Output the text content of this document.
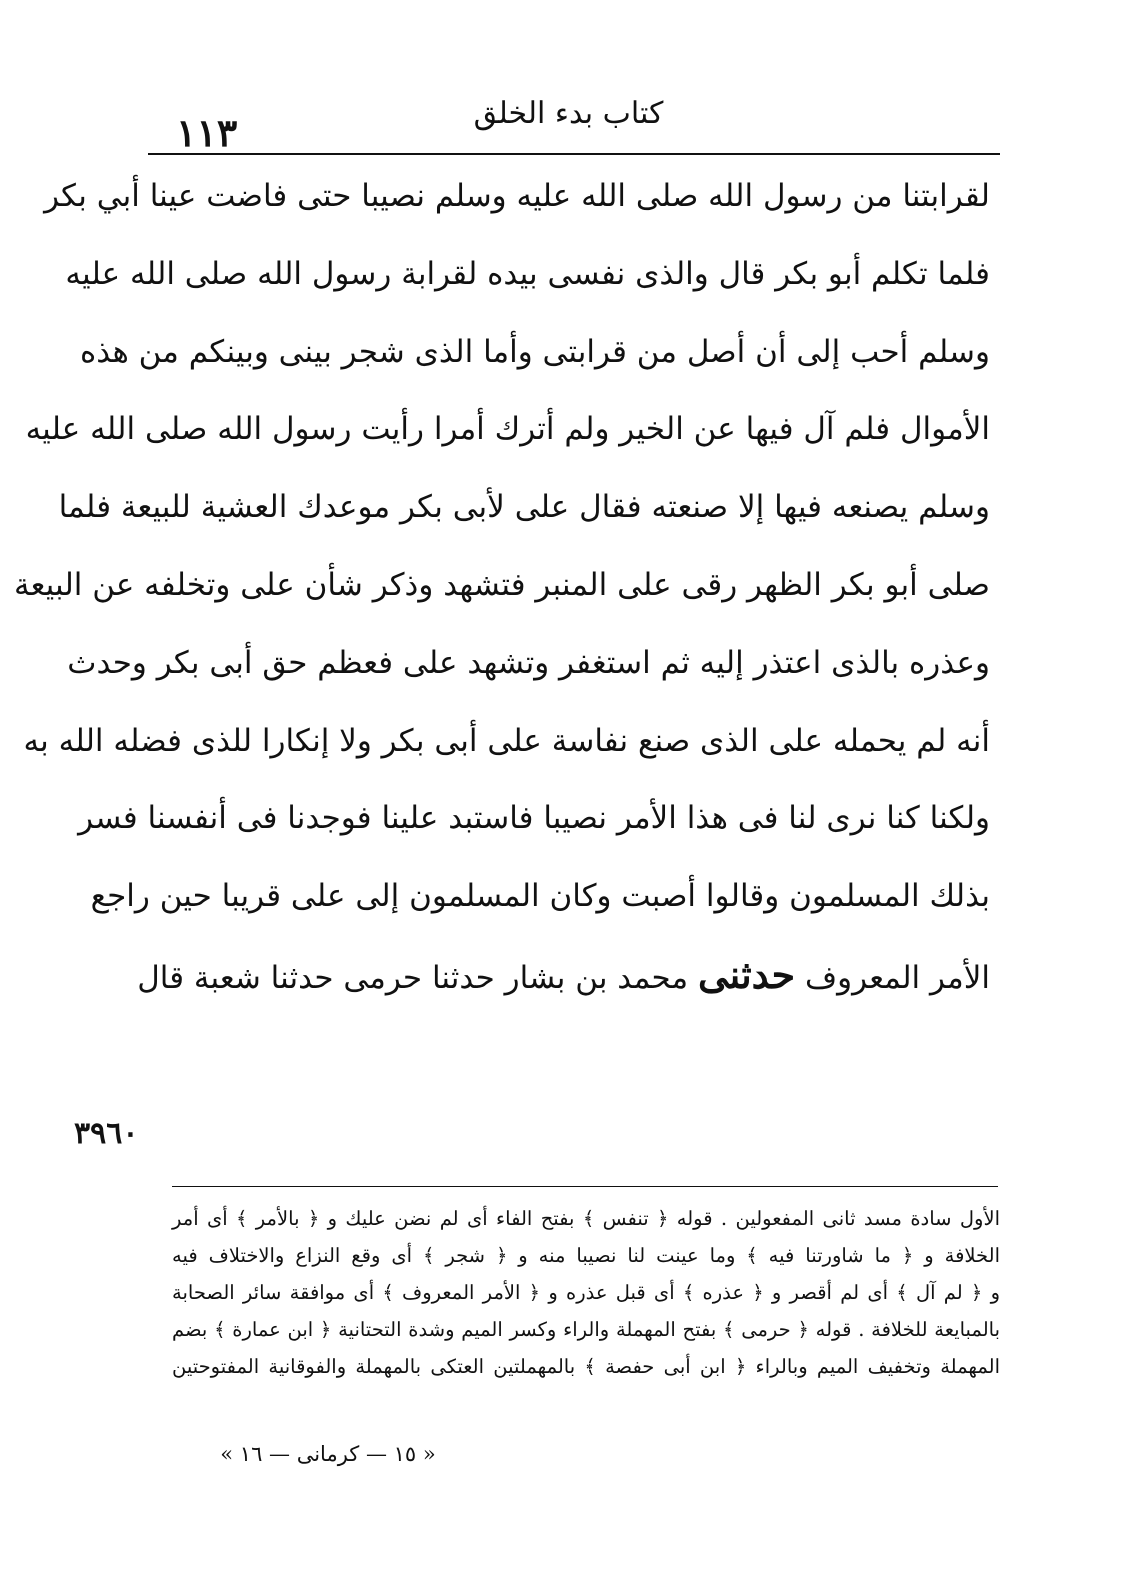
كتاب بدء الخلق
١١٣
لقرابتنا من رسول الله صلى الله عليه وسلم نصيبا حتى فاضت عينا أبي بكر
فلما تكلم أبو بكر قال والذى نفسى بيده لقرابة رسول الله صلى الله عليه
وسلم أحب إلى أن أصل من قرابتى وأما الذى شجر بينى وبينكم من هذه
الأموال فلم آل فيها عن الخير ولم أترك أمرا رأيت رسول الله صلى الله عليه
وسلم يصنعه فيها إلا صنعته فقال على لأبى بكر موعدك العشية للبيعة فلما
صلى أبو بكر الظهر رقى على المنبر فتشهد وذكر شأن على وتخلفه عن البيعة
وعذره بالذى اعتذر إليه ثم استغفر وتشهد على فعظم حق أبى بكر وحدث
أنه لم يحمله على الذى صنع نفاسة على أبى بكر ولا إنكارا للذى فضله الله به
ولكنا كنا نرى لنا فى هذا الأمر نصيبا فاستبد علينا فوجدنا فى أنفسنا فسر
بذلك المسلمون وقالوا أصبت وكان المسلمون إلى على قريبا حين راجع
الأمر المعروف حدثنى محمد بن بشار حدثنا حرمى حدثنا شعبة قال
٣٩٦٠
الأول سادة مسد ثانى المفعولين . قوله ﴿ تنفس ﴾ بفتح الفاء أى لم نضن عليك و ﴿ بالأمر ﴾ أى أمر
الخلافة و ﴿ ما شاورتنا فيه ﴾ وما عينت لنا نصيبا منه و ﴿ شجر ﴾ أى وقع النزاع والاختلاف فيه
و ﴿ لم آل ﴾ أى لم أقصر و ﴿ عذره ﴾ أى قبل عذره و ﴿ الأمر المعروف ﴾ أى موافقة سائر الصحابة
بالمبايعة للخلافة . قوله ﴿ حرمى ﴾ بفتح المهملة والراء وكسر الميم وشدة التحتانية ﴿ ابن عمارة ﴾ بضم
المهملة وتخفيف الميم وبالراء ﴿ ابن أبى حفصة ﴾ بالمهملتين العتكى بالمهملة والفوقانية المفتوحتين
« ١٥ — كرمانى — ١٦ »
